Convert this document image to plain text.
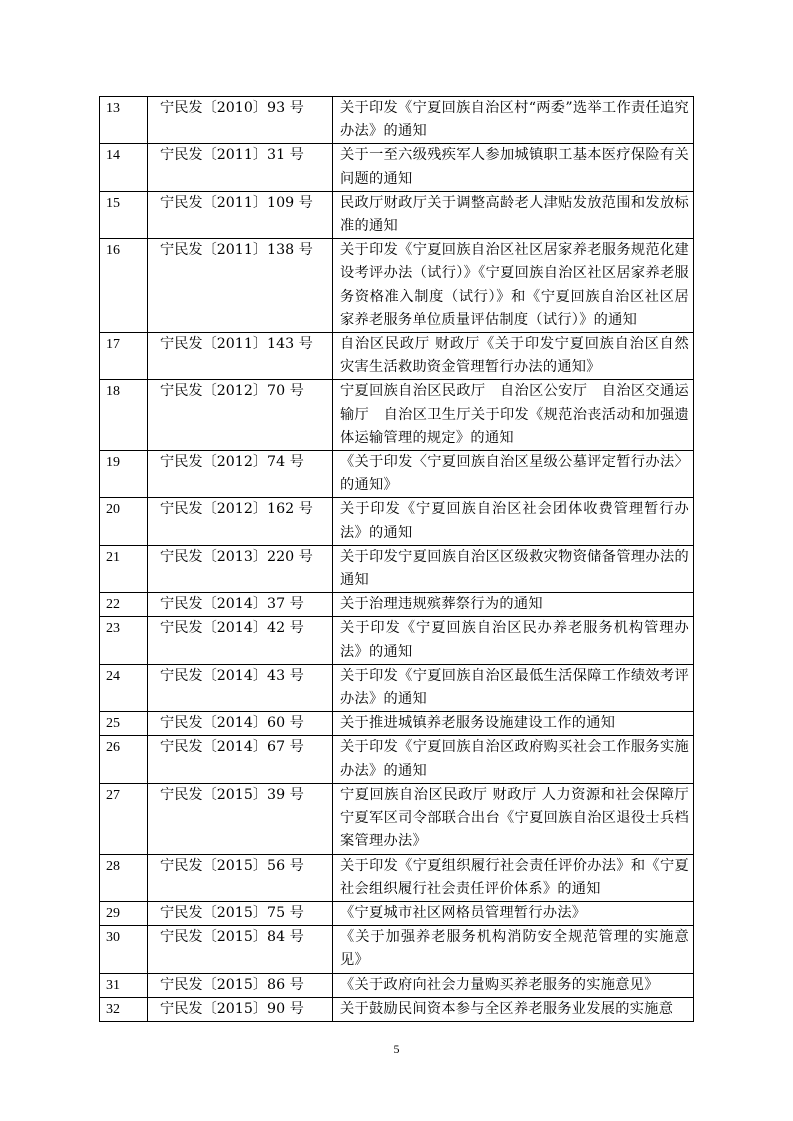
13	宁民发〔2010〕93 号	关于印发《宁夏回族自治区村“两委”选举工作责任追究办法》的通知
14	宁民发〔2011〕31 号	关于一至六级残疾军人参加城镇职工基本医疗保险有关问题的通知
15	宁民发〔2011〕109 号	民政厅财政厅关于调整高龄老人津贴发放范围和发放标准的通知
16	宁民发〔2011〕138 号	关于印发《宁夏回族自治区社区居家养老服务规范化建设考评办法（试行）》《宁夏回族自治区社区居家养老服务资格准入制度（试行）》和《宁夏回族自治区社区居家养老服务单位质量评估制度（试行）》的通知
17	宁民发〔2011〕143 号	自治区民政厅 财政厅《关于印发宁夏回族自治区自然灾害生活救助资金管理暂行办法的通知》
18	宁民发〔2012〕70 号	宁夏回族自治区民政厅　自治区公安厅　自治区交通运输厅　自治区卫生厅关于印发《规范治丧活动和加强遗体运输管理的规定》的通知
19	宁民发〔2012〕74 号	《关于印发〈宁夏回族自治区星级公墓评定暂行办法〉的通知》
20	宁民发〔2012〕162 号	关于印发《宁夏回族自治区社会团体收费管理暂行办法》的通知
21	宁民发〔2013〕220 号	关于印发宁夏回族自治区区级救灾物资储备管理办法的通知
22	宁民发〔2014〕37 号	关于治理违规殡葬祭行为的通知
23	宁民发〔2014〕42 号	关于印发《宁夏回族自治区民办养老服务机构管理办法》的通知
24	宁民发〔2014〕43 号	关于印发《宁夏回族自治区最低生活保障工作绩效考评办法》的通知
25	宁民发〔2014〕60 号	关于推进城镇养老服务设施建设工作的通知
26	宁民发〔2014〕67 号	关于印发《宁夏回族自治区政府购买社会工作服务实施办法》的通知
27	宁民发〔2015〕39 号	宁夏回族自治区民政厅 财政厅 人力资源和社会保障厅 宁夏军区司令部联合出台《宁夏回族自治区退役士兵档案管理办法》
28	宁民发〔2015〕56 号	关于印发《宁夏组织履行社会责任评价办法》和《宁夏社会组织履行社会责任评价体系》的通知
29	宁民发〔2015〕75 号	《宁夏城市社区网格员管理暂行办法》
30	宁民发〔2015〕84 号	《关于加强养老服务机构消防安全规范管理的实施意见》
31	宁民发〔2015〕86 号	《关于政府向社会力量购买养老服务的实施意见》
32	宁民发〔2015〕90 号	关于鼓励民间资本参与全区养老服务业发展的实施意
5
